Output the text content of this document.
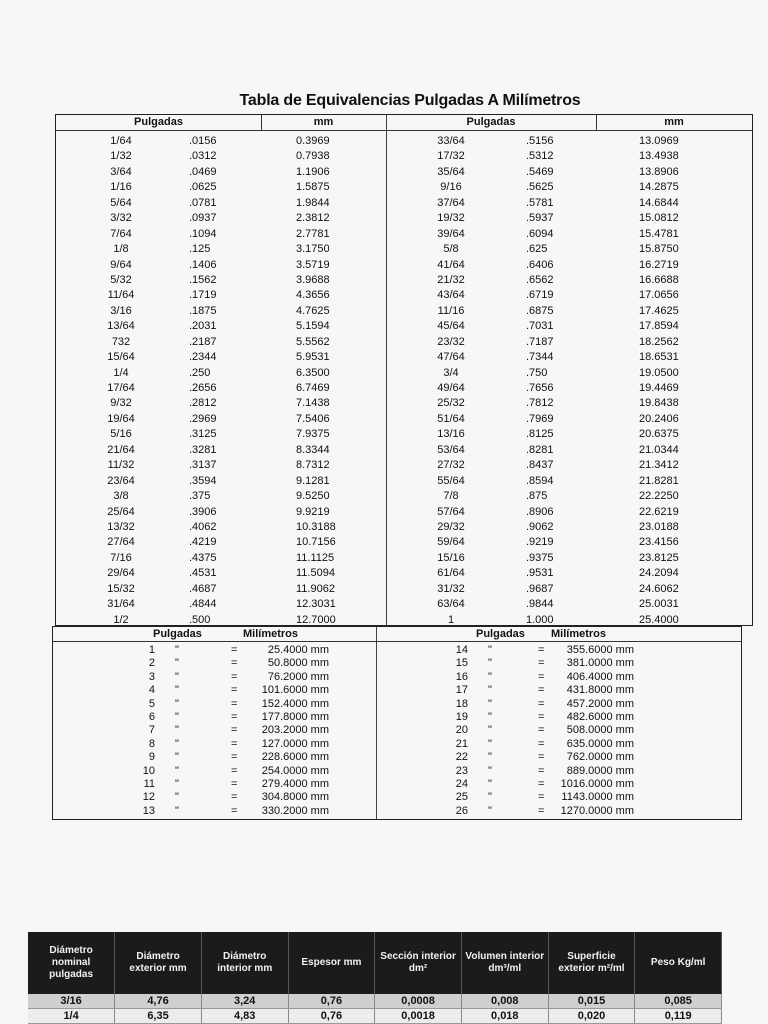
Tabla de Equivalencias Pulgadas A Milímetros
Pulgadas	mm
1/64	.0156	0.3969
1/32	.0312	0.7938
3/64	.0469	1.1906
1/16	.0625	1.5875
5/64	.0781	1.9844
3/32	.0937	2.3812
7/64	.1094	2.7781
1/8	.125	3.1750
9/64	.1406	3.5719
5/32	.1562	3.9688
11/64	.1719	4.3656
3/16	.1875	4.7625
13/64	.2031	5.1594
732	.2187	5.5562
15/64	.2344	5.9531
1/4	.250	6.3500
17/64	.2656	6.7469
9/32	.2812	7.1438
19/64	.2969	7.5406
5/16	.3125	7.9375
21/64	.3281	8.3344
11/32	.3137	8.7312
23/64	.3594	9.1281
3/8	.375	9.5250
25/64	.3906	9.9219
13/32	.4062	10.3188
27/64	.4219	10.7156
7/16	.4375	11.1125
29/64	.4531	11.5094
15/32	.4687	11.9062
31/64	.4844	12.3031
1/2	.500	12.7000
Pulgadas	mm
33/64	.5156	13.0969
17/32	.5312	13.4938
35/64	.5469	13.8906
9/16	.5625	14.2875
37/64	.5781	14.6844
19/32	.5937	15.0812
39/64	.6094	15.4781
5/8	.625	15.8750
41/64	.6406	16.2719
21/32	.6562	16.6688
43/64	.6719	17.0656
11/16	.6875	17.4625
45/64	.7031	17.8594
23/32	.7187	18.2562
47/64	.7344	18.6531
3/4	.750	19.0500
49/64	.7656	19.4469
25/32	.7812	19.8438
51/64	.7969	20.2406
13/16	.8125	20.6375
53/64	.8281	21.0344
27/32	.8437	21.3412
55/64	.8594	21.8281
7/8	.875	22.2250
57/64	.8906	22.6219
29/32	.9062	23.0188
59/64	.9219	23.4156
15/16	.9375	23.8125
61/64	.9531	24.2094
31/32	.9687	24.6062
63/64	.9844	25.0031
1	1.000	25.4000
Pulgadas	Milímetros
1 "	=	25.4000 mm
2 "	=	50.8000 mm
3 "	=	76.2000 mm
4 "	=	101.6000 mm
5 "	=	152.4000 mm
6 "	=	177.8000 mm
7 "	=	203.2000 mm
8 "	=	127.0000 mm
9 "	=	228.6000 mm
10 "	=	254.0000 mm
11 "	=	279.4000 mm
12 "	=	304.8000 mm
13 "	=	330.2000 mm
Pulgadas Milímetros
14 "	=	355.6000 mm
15 "	=	381.0000 mm
16 "	=	406.4000 mm
17 "	=	431.8000 mm
18 "	=	457.2000 mm
19 "	=	482.6000 mm
20 "	=	508.0000 mm
21 "	=	635.0000 mm
22 "	=	762.0000 mm
23 "	=	889.0000 mm
24 "	=	1016.0000 mm
25 "	=	1143.0000 mm
26 "	=	1270.0000 mm
Diámetro nominal pulgadas	Diámetro exterior mm	Diámetro interior mm	Espesor mm	Sección interior dm²	Volumen interior dm³/ml	Superficie exterior m²/ml	Peso Kg/ml
3/16	4,76	3,24	0,76	0,0008	0,008	0,015	0,085
1/4	6,35	4,83	0,76	0,0018	0,018	0,020	0,119
